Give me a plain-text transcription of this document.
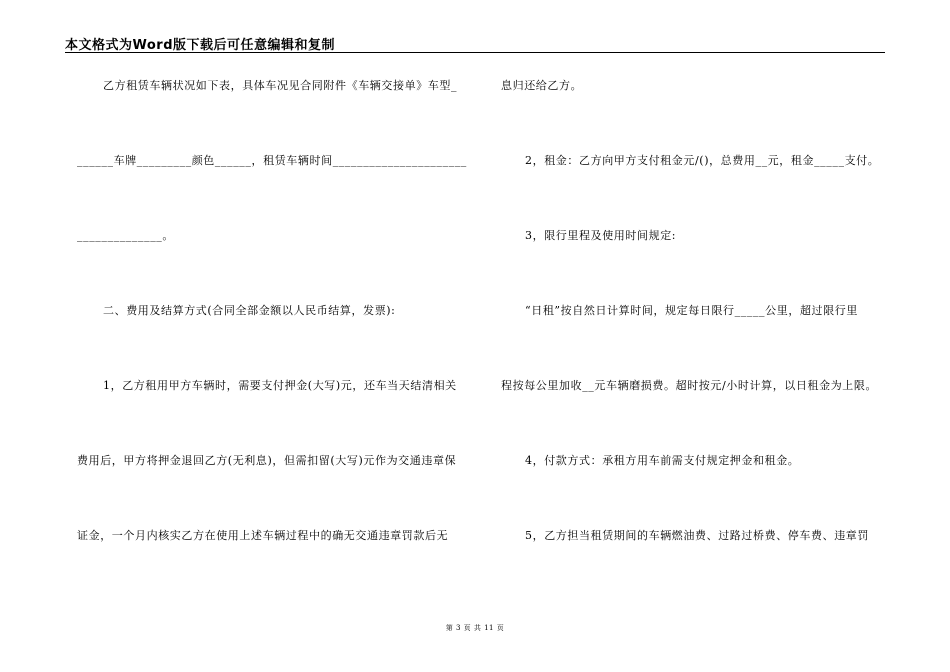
本文格式为Word版下载后可任意编辑和复制
乙方租赁车辆状况如下表，具体车况见合同附件《车辆交接单》车型_
______车牌_________颜色______，租赁车辆时间______________________
______________。
二、费用及结算方式(合同全部金额以人民币结算，发票):
1，乙方租用甲方车辆时，需要支付押金(大写)元，还车当天结清相关
费用后，甲方将押金退回乙方(无利息)，但需扣留(大写)元作为交通违章保
证金，一个月内核实乙方在使用上述车辆过程中的确无交通违章罚款后无
息归还给乙方。
2，租金：乙方向甲方支付租金元/()，总费用__元，租金_____支付。
3，限行里程及使用时间规定:
“日租”按自然日计算时间，规定每日限行_____公里，超过限行里
程按每公里加收__元车辆磨损费。超时按元/小时计算，以日租金为上限。
4，付款方式：承租方用车前需支付规定押金和租金。
5，乙方担当租赁期间的车辆燃油费、过路过桥费、停车费、违章罚
第 3 页 共 11 页
